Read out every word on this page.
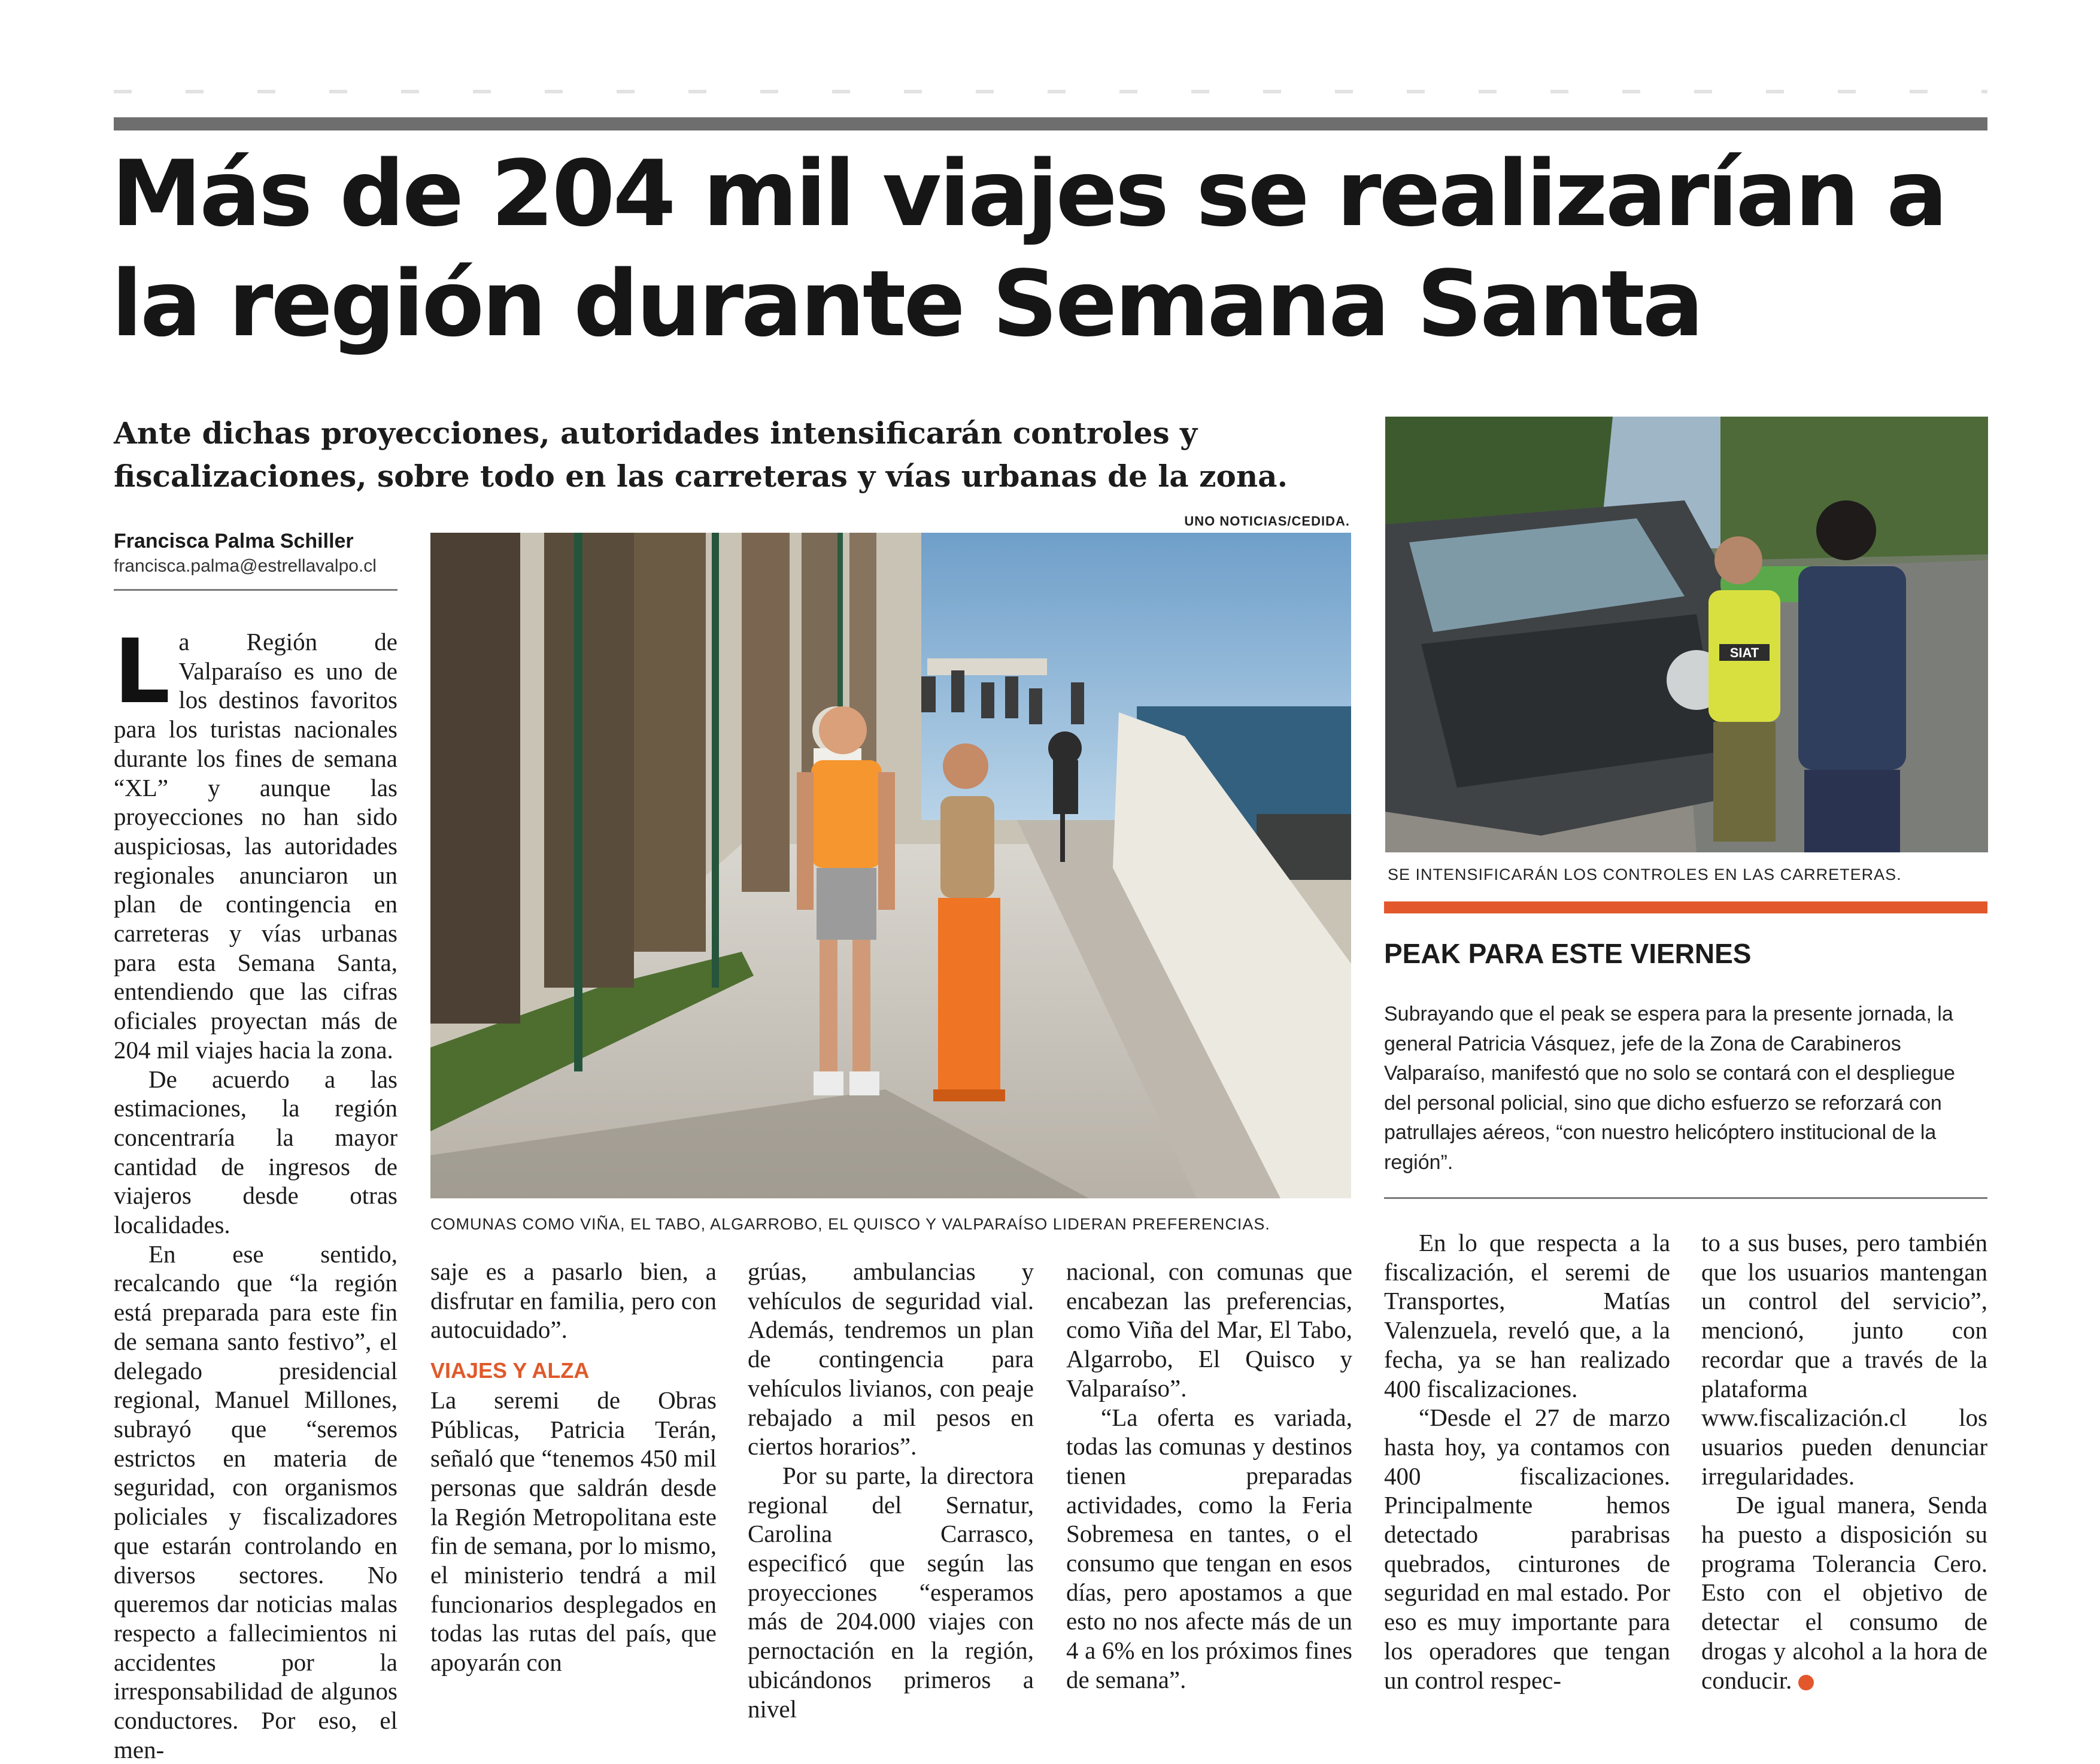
Más de 204 mil viajes se realizarían a la región durante Semana Santa
Ante dichas proyecciones, autoridades intensificarán controles y fiscalizaciones, sobre todo en las carreteras y vías urbanas de la zona.
Francisca Palma Schiller
francisca.palma@estrellavalpo.cl
UNO NOTICIAS/CEDIDA.
COMUNAS COMO VIÑA, EL TABO, ALGARROBO, EL QUISCO Y VALPARAÍSO LIDERAN PREFERENCIAS.
SIAT
SE INTENSIFICARÁN LOS CONTROLES EN LAS CARRETERAS.
PEAK PARA ESTE VIERNES
Subrayando que el peak se espera para la presente jornada, la general Patricia Vásquez, jefe de la Zona de Carabineros Valparaíso, manifestó que no solo se contará con el despliegue del personal policial, sino que dicho esfuerzo se reforzará con patrullajes aéreos, “con nuestro helicóptero institucional de la región”.

La Región de Valparaíso es uno de los destinos favoritos para los turistas nacionales durante los fines de semana “XL” y aunque las proyecciones no han sido auspiciosas, las autoridades regionales anunciaron un plan de contingencia en carreteras y vías urbanas para esta Semana Santa, entendiendo que las cifras oficiales proyectan más de 204 mil viajes hacia la zona.

De acuerdo a las estimaciones, la región concentraría la mayor cantidad de ingresos de viajeros desde otras localidades.

En ese sentido, recalcando que “la región está preparada para este fin de semana santo festivo”, el delegado presidencial regional, Manuel Millones, subrayó que “seremos estrictos en materia de seguridad, con organismos policiales y fiscalizadores que estarán controlando en diversos sectores. No queremos dar noticias malas respecto a fallecimientos ni accidentes por la irresponsabilidad de algunos conductores. Por eso, el men-

saje es a pasarlo bien, a disfrutar en familia, pero con autocuidado”.

VIAJES Y ALZA

La seremi de Obras Públicas, Patricia Terán, señaló que “tenemos 450 mil personas que saldrán desde la Región Metropolitana este fin de semana, por lo mismo, el ministerio tendrá a mil funcionarios desplegados en todas las rutas del país, que apoyarán con

grúas, ambulancias y vehículos de seguridad vial. Además, tendremos un plan de contingencia para vehículos livianos, con peaje rebajado a mil pesos en ciertos horarios”.

Por su parte, la directora regional del Sernatur, Carolina Carrasco, especificó que según las proyecciones “esperamos más de 204.000 viajes con pernoctación en la región, ubicándonos primeros a nivel

nacional, con comunas que encabezan las preferencias, como Viña del Mar, El Tabo, Algarrobo, El Quisco y Valparaíso”.

“La oferta es variada, todas las comunas y destinos tienen preparadas actividades, como la Feria Sobremesa en tantes, o el consumo que tengan en esos días, pero apostamos a que esto no nos afecte más de un 4 a 6% en los próximos fines de semana”.

En lo que respecta a la fiscalización, el seremi de Transportes, Matías Valenzuela, reveló que, a la fecha, ya se han realizado 400 fiscalizaciones.

“Desde el 27 de marzo hasta hoy, ya contamos con 400 fiscalizaciones. Principalmente hemos detectado parabrisas quebrados, cinturones de seguridad en mal estado. Por eso es muy importante para los operadores que tengan un control respec-

to a sus buses, pero también que los usuarios mantengan un control del servicio”, mencionó, junto con recordar que a través de la plataforma www.fiscalización.cl los usuarios pueden denunciar irregularidades.

De igual manera, Senda ha puesto a disposición su programa Tolerancia Cero. Esto con el objetivo de detectar el consumo de drogas y alcohol a la hora de conducir.	✪
